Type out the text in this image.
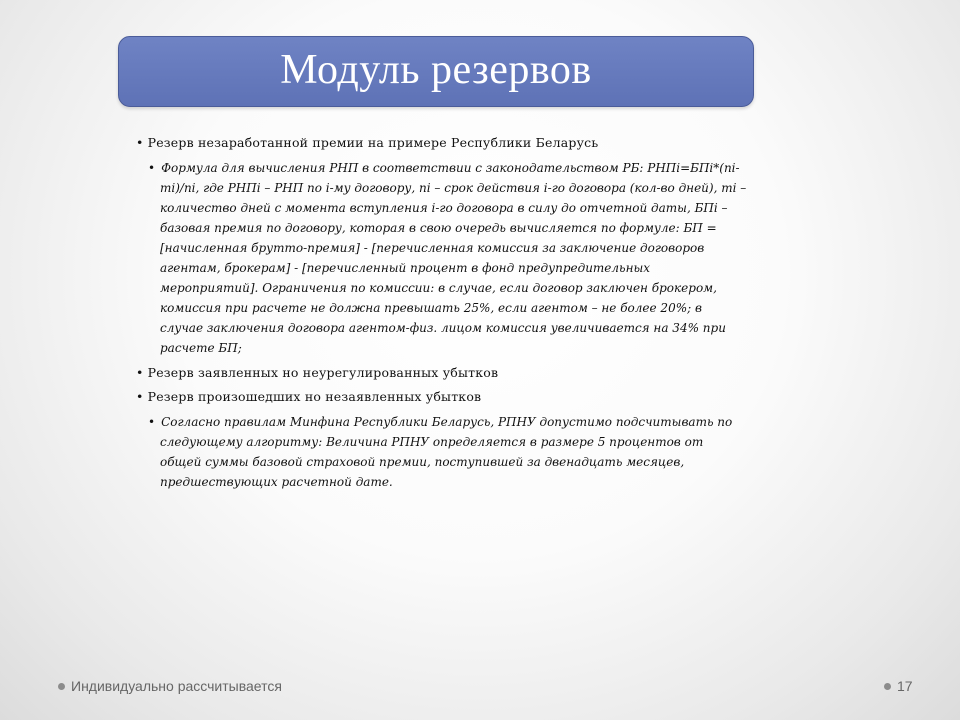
Модуль резервов

• Резерв незаработанной премии на примере Республики Беларусь

• Формула для вычисления РНП в соответствии с законодательством РБ: РНПi=БПi*(ni-mi)/ni, где РНПi – РНП по i-му договору, ni – срок действия i-го договора (кол-во дней), mi – количество дней с момента вступления i-го договора в силу до отчетной даты, БПi – базовая премия по договору, которая в свою очередь вычисляется по формуле: БП = [начисленная брутто-премия] - [перечисленная комиссия за заключение договоров агентам, брокерам] - [перечисленный процент в фонд предупредительных мероприятий]. Ограничения по комиссии: в случае, если договор заключен брокером, комиссия при расчете не должна превышать 25%, если агентом – не более 20%; в случае заключения договора агентом-физ. лицом комиссия увеличивается на 34% при расчете БП;

• Резерв заявленных но неурегулированных убытков

• Резерв произошедших но незаявленных убытков

• Согласно правилам Минфина Республики Беларусь, РПНУ допустимо подсчитывать по следующему алгоритму: Величина РПНУ определяется в размере 5 процентов от общей суммы базовой страховой премии, поступившей за двенадцать месяцев, предшествующих расчетной дате.

Индивидуально рассчитывается	17
